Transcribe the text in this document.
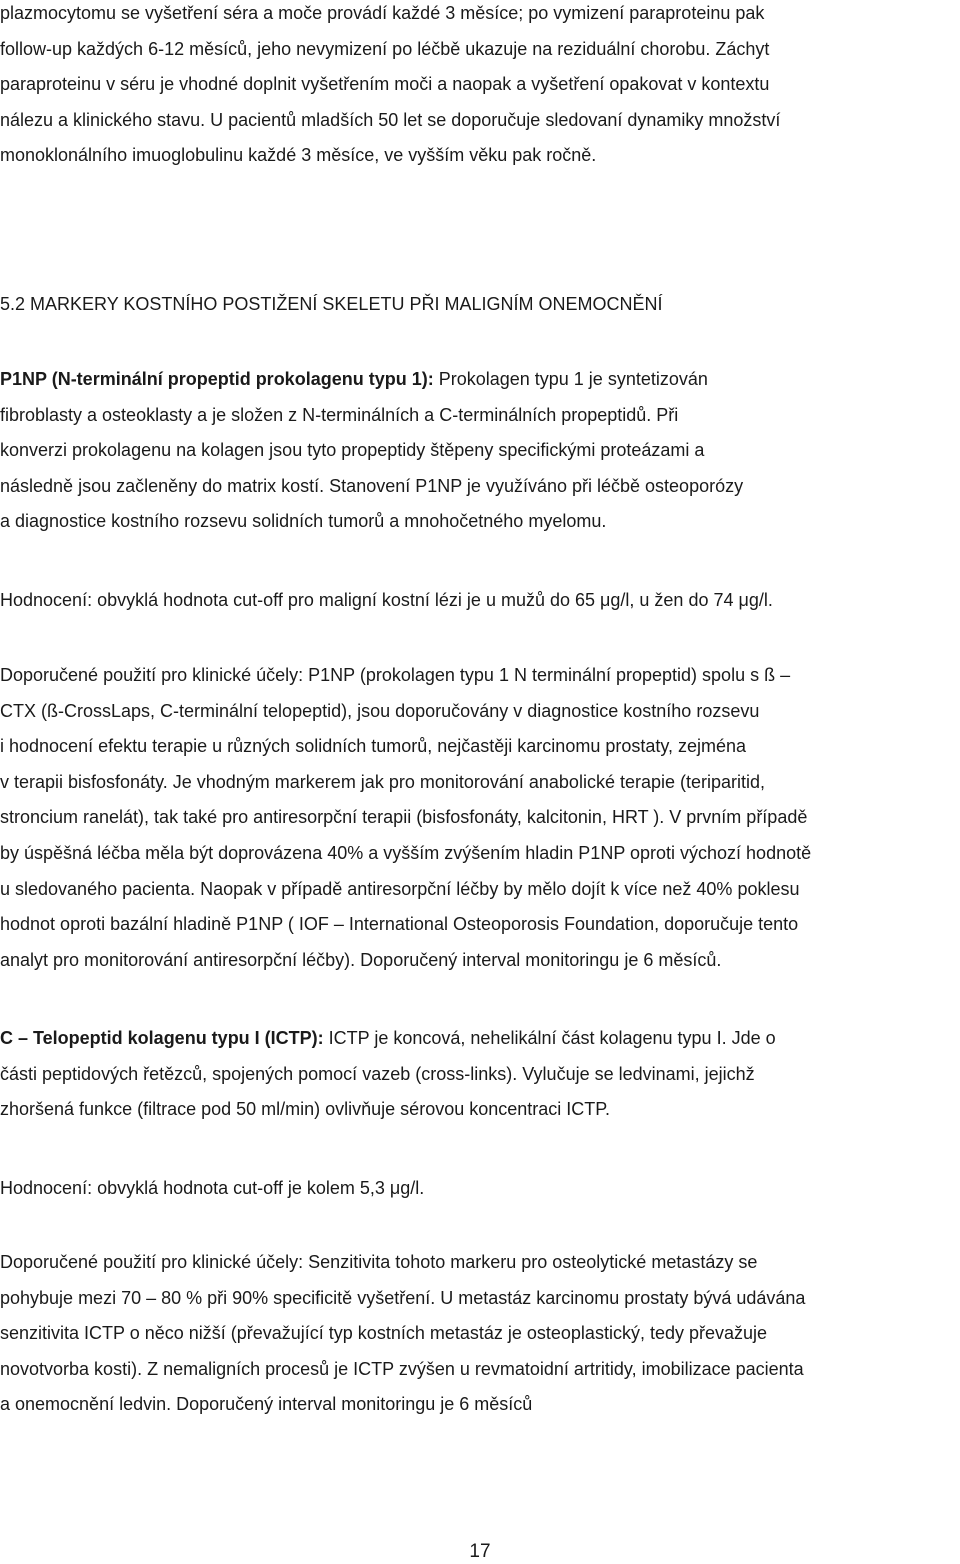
plazmocytomu se vyšetření séra a moče provádí každé 3 měsíce; po vymizení paraproteinu pak
follow-up každých 6-12 měsíců, jeho nevymizení po léčbě ukazuje na reziduální chorobu. Záchyt
paraproteinu v séru je vhodné doplnit vyšetřením moči a naopak a vyšetření opakovat v kontextu
nálezu a klinického stavu. U pacientů mladších 50 let se doporučuje sledovaní dynamiky množství
monoklonálního imuoglobulinu každé 3 měsíce, ve vyšším věku pak ročně.
5.2 MARKERY KOSTNÍHO POSTIŽENÍ SKELETU PŘI MALIGNÍM ONEMOCNĚNÍ
P1NP (N-terminální propeptid prokolagenu typu 1): Prokolagen typu 1 je syntetizován
fibroblasty a osteoklasty a je složen z N-terminálních a C-terminálních propeptidů. Při
konverzi prokolagenu na kolagen jsou tyto propeptidy štěpeny specifickými proteázami a
následně jsou začleněny do matrix kostí. Stanovení P1NP je využíváno při léčbě osteoporózy
a diagnostice kostního rozsevu solidních tumorů a mnohočetného myelomu.
Hodnocení: obvyklá hodnota cut-off pro maligní kostní lézi je u mužů do 65 μg/l, u žen do 74 μg/l.
Doporučené použití pro klinické účely: P1NP (prokolagen typu 1 N terminální propeptid) spolu s ß –
CTX (ß-CrossLaps, C-terminální telopeptid), jsou doporučovány v diagnostice kostního rozsevu
i hodnocení efektu terapie u různých solidních tumorů, nejčastěji karcinomu prostaty, zejména
v terapii bisfosfonáty. Je vhodným markerem jak pro monitorování anabolické terapie (teriparitid,
stroncium ranelát), tak také pro antiresorpční terapii (bisfosfonáty, kalcitonin, HRT ). V prvním případě
by úspěšná léčba měla být doprovázena 40% a vyšším zvýšením hladin P1NP oproti výchozí hodnotě
u sledovaného pacienta. Naopak v případě antiresorpční léčby by mělo dojít k více než 40% poklesu
hodnot oproti bazální hladině P1NP ( IOF – International Osteoporosis Foundation, doporučuje tento
analyt pro monitorování antiresorpční léčby). Doporučený interval monitoringu je 6 měsíců.
C – Telopeptid kolagenu typu I (ICTP): ICTP je koncová, nehelikální část kolagenu typu I. Jde o
části peptidových řetězců, spojených pomocí vazeb (cross-links). Vylučuje se ledvinami, jejichž
zhoršená funkce (filtrace pod 50 ml/min) ovlivňuje sérovou koncentraci ICTP.
Hodnocení: obvyklá hodnota cut-off je kolem 5,3 μg/l.
Doporučené použití pro klinické účely: Senzitivita tohoto markeru pro osteolytické metastázy se
pohybuje mezi 70 – 80 % při 90% specificitě vyšetření. U metastáz karcinomu prostaty bývá udávána
senzitivita ICTP o něco nižší (převažující typ kostních metastáz je osteoplastický, tedy převažuje
novotvorba kosti). Z nemaligních procesů je ICTP zvýšen u revmatoidní artritidy, imobilizace pacienta
a onemocnění ledvin. Doporučený interval monitoringu je 6 měsíců
17
